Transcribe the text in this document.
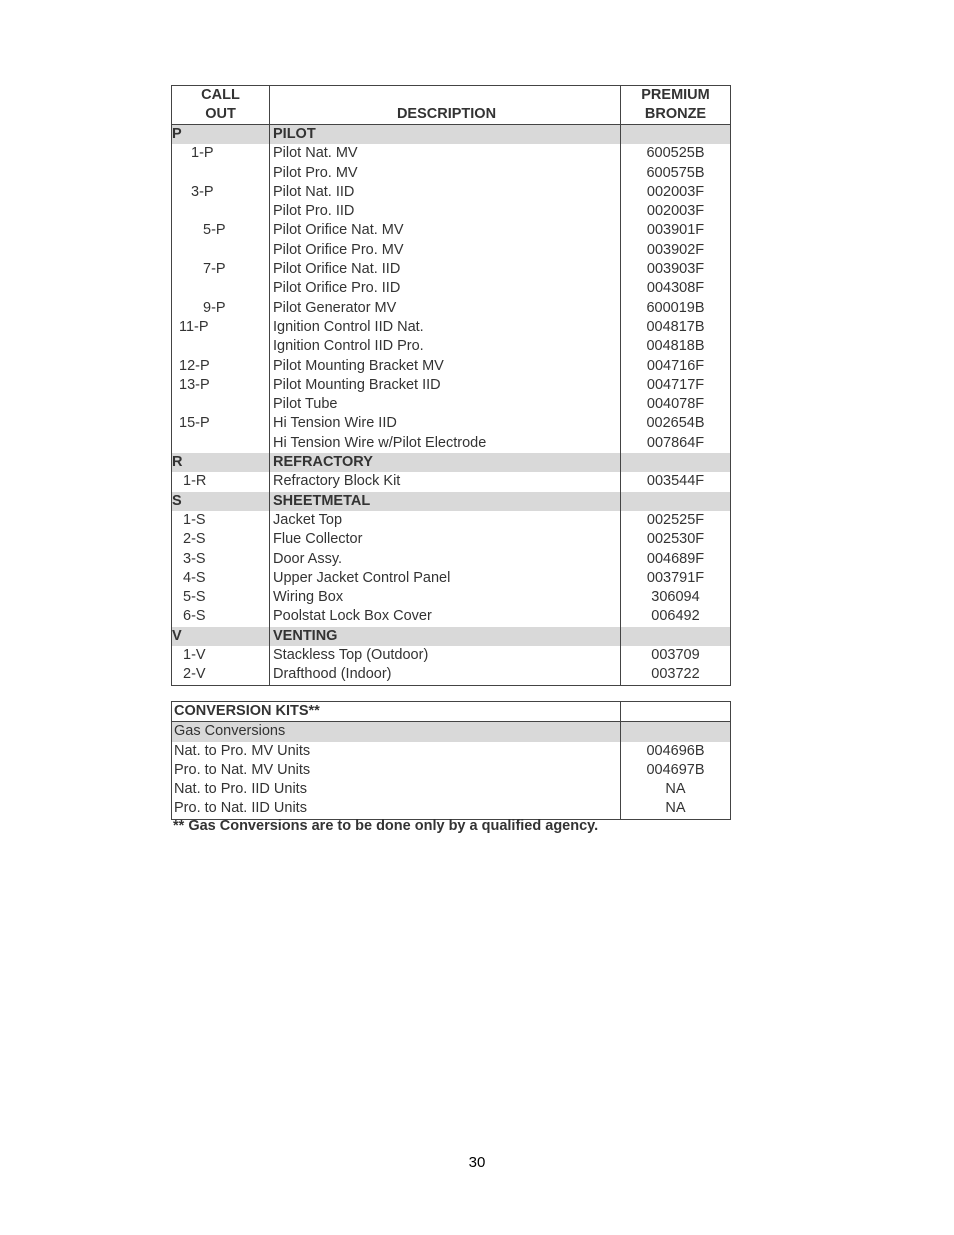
CALL
OUT	DESCRIPTION	PREMIUM
BRONZE
P	PILOT	
1-P	Pilot Nat. MV	600525B
	Pilot Pro. MV	600575B
3-P	Pilot Nat. IID	002003F
	Pilot Pro. IID	002003F
5-P	Pilot Orifice Nat. MV	003901F
	Pilot Orifice Pro. MV	003902F
7-P	Pilot Orifice Nat. IID	003903F
	Pilot Orifice Pro. IID	004308F
9-P	Pilot Generator MV	600019B
11-P	Ignition Control IID Nat.	004817B
	Ignition Control IID Pro.	004818B
12-P	Pilot Mounting Bracket MV	004716F
13-P	Pilot Mounting Bracket IID	004717F
	Pilot Tube	004078F
15-P	Hi Tension Wire IID	002654B
	Hi Tension Wire w/Pilot Electrode	007864F
R	REFRACTORY	
1-R	Refractory Block Kit	003544F
S	SHEETMETAL	
1-S	Jacket Top	002525F
2-S	Flue Collector	002530F
3-S	Door Assy.	004689F
4-S	Upper Jacket Control Panel	003791F
5-S	Wiring Box	306094
6-S	Poolstat Lock Box Cover	006492
V	VENTING	
1-V	Stackless Top (Outdoor)	003709
2-V	Drafthood (Indoor)	003722
CONVERSION KITS**	
Gas Conversions	
Nat. to Pro. MV Units	004696B
Pro. to Nat. MV Units	004697B
Nat. to Pro. IID Units	NA
Pro. to Nat. IID Units	NA
** Gas Conversions are to be done only by a qualified agency.
30
